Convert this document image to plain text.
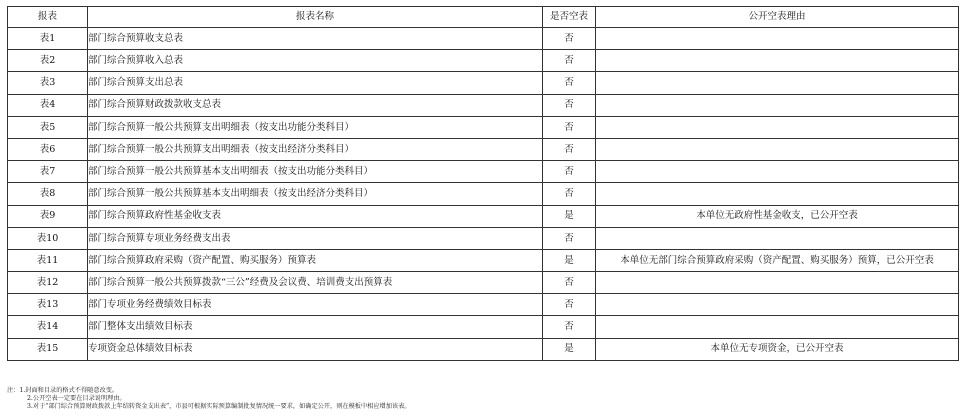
报表	报表名称	是否空表	公开空表理由
表1	部门综合预算收支总表	否	
表2	部门综合预算收入总表	否	
表3	部门综合预算支出总表	否	
表4	部门综合预算财政拨款收支总表	否	
表5	部门综合预算一般公共预算支出明细表（按支出功能分类科目）	否	
表6	部门综合预算一般公共预算支出明细表（按支出经济分类科目）	否	
表7	部门综合预算一般公共预算基本支出明细表（按支出功能分类科目）	否	
表8	部门综合预算一般公共预算基本支出明细表（按支出经济分类科目）	否	
表9	部门综合预算政府性基金收支表	是	本单位无政府性基金收支，已公开空表
表10	部门综合预算专项业务经费支出表	否	
表11	部门综合预算政府采购（资产配置、购买服务）预算表	是	本单位无部门综合预算政府采购（资产配置、购买服务）预算，已公开空表
表12	部门综合预算一般公共预算拨款“三公”经费及会议费、培训费支出预算表	否	
表13	部门专项业务经费绩效目标表	否	
表14	部门整体支出绩效目标表	否	
表15	专项资金总体绩效目标表	是	本单位无专项资金，已公开空表
注：1.封面和目录的格式不得随意改变。
2.公开空表一定要在目录说明理由。
3.对于“部门综合预算财政拨款上年结转资金支出表”，市县可根据实际预算编制批复情况统一要求，如确定公开，则在模板中相应增加该表。
